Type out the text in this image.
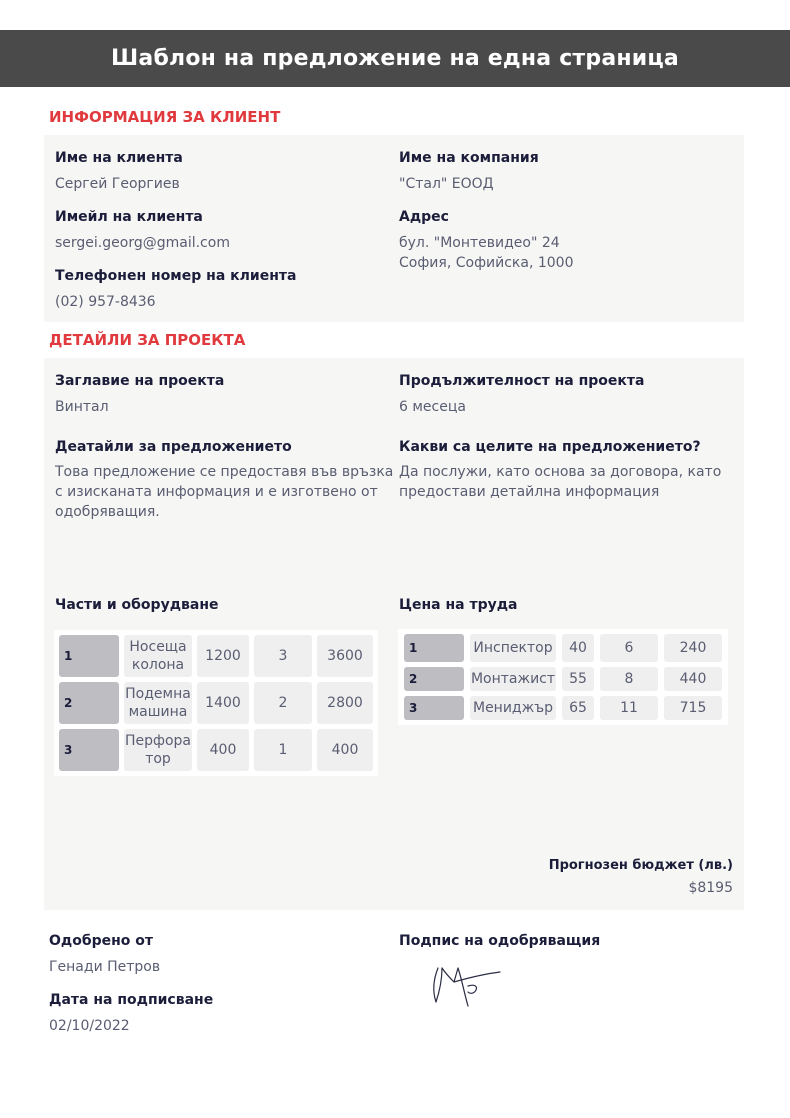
Шаблон на предложение на една страница
ИНФОРМАЦИЯ ЗА КЛИЕНТ
Име на клиента
Сергей Георгиев
Имейл на клиента
sergei.georg@gmail.com
Телефонен номер на клиента
(02) 957-8436
Име на компания
"Стал" ЕООД
Адрес
бул. "Монтевидео" 24
София, Софийска, 1000
ДЕТАЙЛИ ЗА ПРОЕКТА
Заглавие на проекта
Винтал
Продължителност на проекта
6 месеца
Деатайли за предложението
Това предложение се предоставя във връзка
с изисканата информация и е изготвено от
одобряващия.
Какви са целите на предложението?
Да послужи, като основа за договора, като
предостави детайлна информация
Части и оборудване	Цена на труда
1	Носеща
колона	1200	3	3600
2	Подемна
машина	1400	2	2800
3	Перфора
тор	400	1	400
1	Инспектор	40	6	240
2	Монтажист	55	8	440
3	Мениджър	65	11	715
Прогнозен бюджет (лв.)
$8195
Одобрено от
Генади Петров
Дата на подписване
02/10/2022
Подпис на одобряващия
